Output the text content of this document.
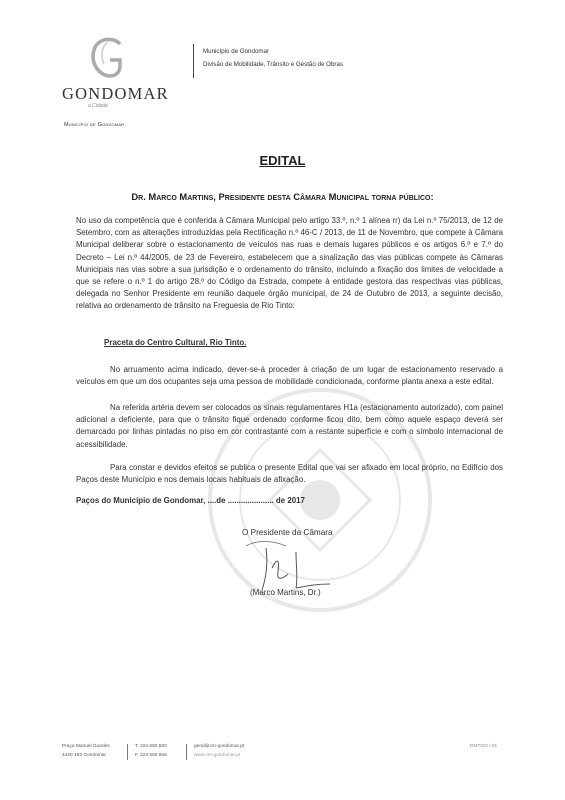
GONDOMAR
a Cidade
Município de Gondomar
Município de Gondomar
Divisão de Mobilidade, Trânsito e Gestão de Obras
EDITAL
Dr. Marco Martins, Presidente desta Câmara Municipal torna público:
No uso da competência que é conferida à Câmara Municipal pelo artigo 33.º, n.º 1 alínea rr) da Lei n.º 75/2013, de 12 de Setembro, com as alterações introduzidas pela Rectificação n.º 46-C / 2013, de 11 de Novembro, que compete à Câmara Municipal deliberar sobre o estacionamento de veículos nas ruas e demais lugares públicos e os artigos 6.º e 7.º do Decreto – Lei n.º 44/2005, de 23 de Fevereiro, estabelecem que a sinalização das vias públicas compete às Câmaras Municipais nas vias sobre a sua jurisdição e o ordenamento do trânsito, incluindo a fixação dos limites de velocidade a que se refere o n.º 1 do artigo 28.º do Código da Estrada, compete à entidade gestora das respectivas vias públicas, delegada no Senhor Presidente em reunião daquele órgão municipal, de 24 de Outubro de 2013, a seguinte decisão, relativa ao ordenamento de trânsito na Freguesia de Rio Tinto:
Praceta do Centro Cultural, Rio Tinto.
No arruamento acima indicado, dever-se-á proceder à criação de um lugar de estacionamento reservado a veículos em que um dos ocupantes seja uma pessoa de mobilidade condicionada, conforme planta anexa a este edital.
Na referida artéria devem ser colocados os sinais regulamentares H1a (estacionamento autorizado), com painel adicional a deficiente, para que o trânsito fique ordenado conforme ficou dito, bem como aquele espaço deverá ser demarcado por linhas pintadas no piso em cor contrastante com a restante superfície e com o símbolo internacional de acessibilidade.
Para constar e devidos efeitos se publica o presente Edital que vai ser afixado em local próprio, no Edifício dos Paços deste Município e nos demais locais habituais de afixação.
Paços do Município de Gondomar, ....de ..................... de 2017
O Presidente da Câmara
(Marco Martins, Dr.)
Praça Manuel Guedes
4420 193 Gondomar
T. 224 660 500
F. 224 660 566
geral@cm-gondomar.pt
www.cm-gondomar.pt
DMTGO / 01
